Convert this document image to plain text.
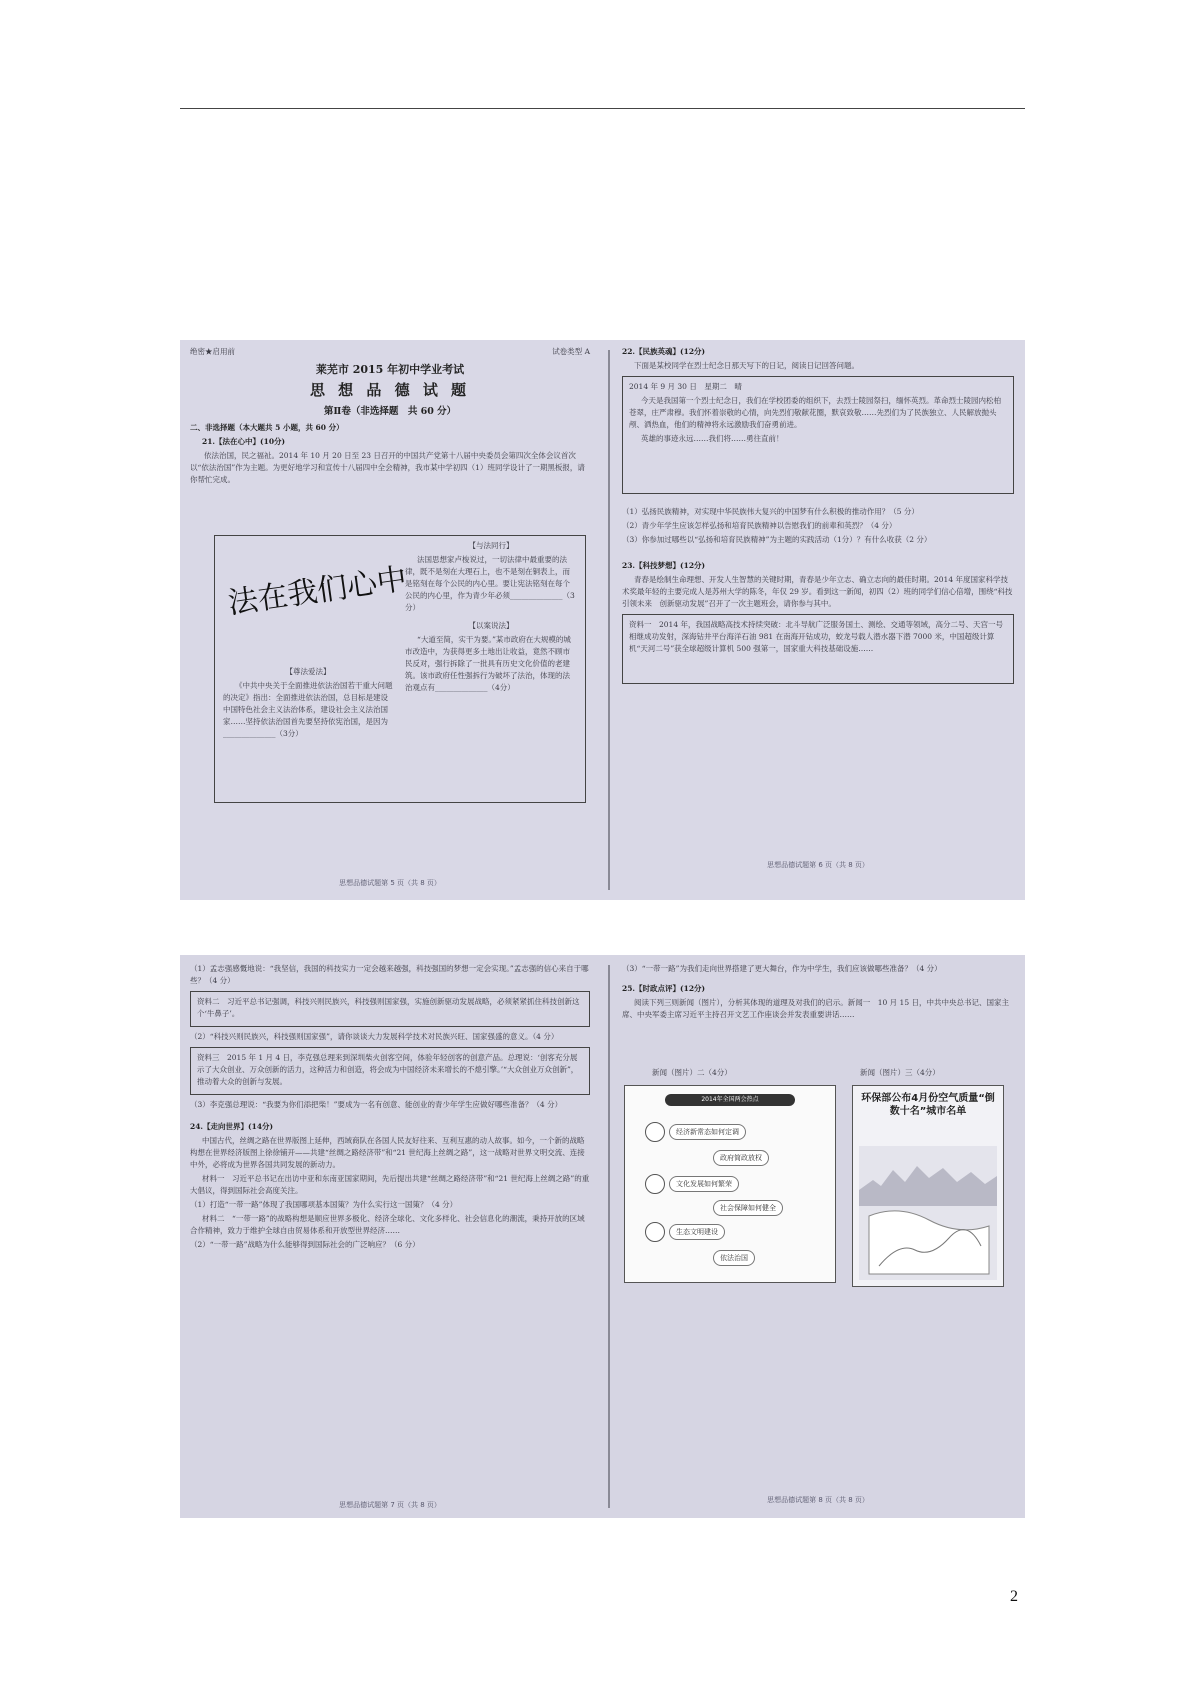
绝密★启用前	试卷类型 A

莱芜市 2015 年初中学业考试

思 想 品 德 试 题

第Ⅱ卷（非选择题　共 60 分）

二、非选择题（本大题共 5 小题，共 60 分）

21.【法在心中】(10分)

依法治国，民之福祉。2014 年 10 月 20 日至 23 日召开的中国共产党第十八届中央委员会第四次全体会议首次以“依法治国”作为主题。为更好地学习和宣传十八届四中全会精神，我市某中学初四（1）班同学设计了一期黑板报，请你帮忙完成。

法在我们心中

【尊法爱法】

《中共中央关于全面推进依法治国若干重大问题的决定》指出：全面推进依法治国，总目标是建设中国特色社会主义法治体系，建设社会主义法治国家……坚持依法治国首先要坚持依宪治国，是因为______________（3分）

【与法同行】

法国思想家卢梭说过，一切法律中最重要的法律，既不是刻在大理石上，也不是刻在铜表上，而是铭刻在每个公民的内心里。要让宪法铭刻在每个公民的内心里，作为青少年必须______________（3分）

【以案说法】

“大道至简，实干为要。”某市政府在大规模的城市改造中，为获得更多土地出让收益，竟然不顾市民反对，强行拆除了一批具有历史文化价值的老建筑。该市政府任性强拆行为破坏了法治，体现的法治观点有______________（4分）

思想品德试题第 5 页（共 8 页）

22.【民族英魂】(12分)

下面是某校同学在烈士纪念日那天写下的日记，阅读日记回答问题。

2014 年 9 月 30 日　星期二　晴

今天是我国第一个烈士纪念日，我们在学校团委的组织下，去烈士陵园祭扫，缅怀英烈。革命烈士陵园内松柏苍翠，庄严肃穆。我们怀着崇敬的心情，向先烈们敬献花圈，默哀致敬……先烈们为了民族独立、人民解放抛头颅、洒热血，他们的精神将永远激励我们奋勇前进。

英雄的事迹永远……我们将……勇往直前！

（1）弘扬民族精神，对实现中华民族伟大复兴的中国梦有什么积极的推动作用？（5 分）

（2）青少年学生应该怎样弘扬和培育民族精神以告慰我们的前辈和英烈？（4 分）

（3）你参加过哪些以“弘扬和培育民族精神”为主题的实践活动（1分）？有什么收获（2 分）

23.【科技梦想】(12分)

青春是绘制生命理想、开发人生智慧的关键时期，青春是少年立志、确立志向的最佳时期。2014 年度国家科学技术奖最年轻的主要完成人是苏州大学的陈冬，年仅 29 岁。看到这一新闻，初四（2）班的同学们信心倍增，围绕“科技引领未来　创新驱动发展”召开了一次主题班会，请你参与其中。

资料一　2014 年，我国战略高技术持续突破：北斗导航广泛服务国土、测绘、交通等领域，高分二号、天宫一号相继成功发射，深海钻井平台海洋石油 981 在南海开钻成功，蛟龙号载人潜水器下潜 7000 米，中国超级计算机“天河二号”获全球超级计算机 500 强第一，国家重大科技基础设施……

思想品德试题第 6 页（共 8 页）

（1）孟志强感慨地说：“我坚信，我国的科技实力一定会越来越强，科技强国的梦想一定会实现。”孟志强的信心来自于哪些？（4 分）

资料二　习近平总书记强调，科技兴则民族兴，科技强则国家强，实施创新驱动发展战略，必须紧紧抓住科技创新这个‘牛鼻子’。

（2）“科技兴则民族兴，科技强则国家强”，请你谈谈大力发展科学技术对民族兴旺、国家强盛的意义。（4 分）

资料三　2015 年 1 月 4 日，李克强总理来到深圳柴火创客空间，体验年轻创客的创意产品。总理说：‘创客充分展示了大众创业、万众创新的活力，这种活力和创造，将会成为中国经济未来增长的不熄引擎。’“大众创业万众创新”，推动着大众的创新与发展。

（3）李克强总理说：“我要为你们添把柴！”要成为一名有创意、能创业的青少年学生应做好哪些准备？（4 分）

24.【走向世界】(14分)

中国古代，丝绸之路在世界版图上延伸，西域商队在各国人民友好往来、互利互惠的动人故事。如今，一个新的战略构想在世界经济版图上徐徐铺开——共建“丝绸之路经济带”和“21 世纪海上丝绸之路”，这一战略对世界文明交流、连接中外，必将成为世界各国共同发展的新动力。

材料一　习近平总书记在出访中亚和东南亚国家期间，先后提出共建“丝绸之路经济带”和“21 世纪海上丝绸之路”的重大倡议，得到国际社会高度关注。

（1）打造“一带一路”体现了我国哪项基本国策？为什么实行这一国策？（4 分）

材料二　“一带一路”的战略构想是顺应世界多极化、经济全球化、文化多样化、社会信息化的潮流，秉持开放的区域合作精神，致力于维护全球自由贸易体系和开放型世界经济……

（2）“一带一路”战略为什么能够得到国际社会的广泛响应？（6 分）

思想品德试题第 7 页（共 8 页）

（3）“一带一路”为我们走向世界搭建了更大舞台，作为中学生，我们应该做哪些准备？（4 分）

25.【时政点评】(12分)

阅读下列三则新闻（图片），分析其体现的道理及对我们的启示。新闻一　10 月 15 日，中共中央总书记、国家主席、中央军委主席习近平主持召开文艺工作座谈会并发表重要讲话……

新闻（图片）二（4分）	新闻（图片）三（4分）
2014年全国两会热点
经济新常态如何定调
政府简政放权
文化发展如何繁荣
社会保障如何健全
生态文明建设
依法治国
环保部公布4月份空气质量“倒数十名”城市名单
思想品德试题第 8 页（共 8 页）
2
